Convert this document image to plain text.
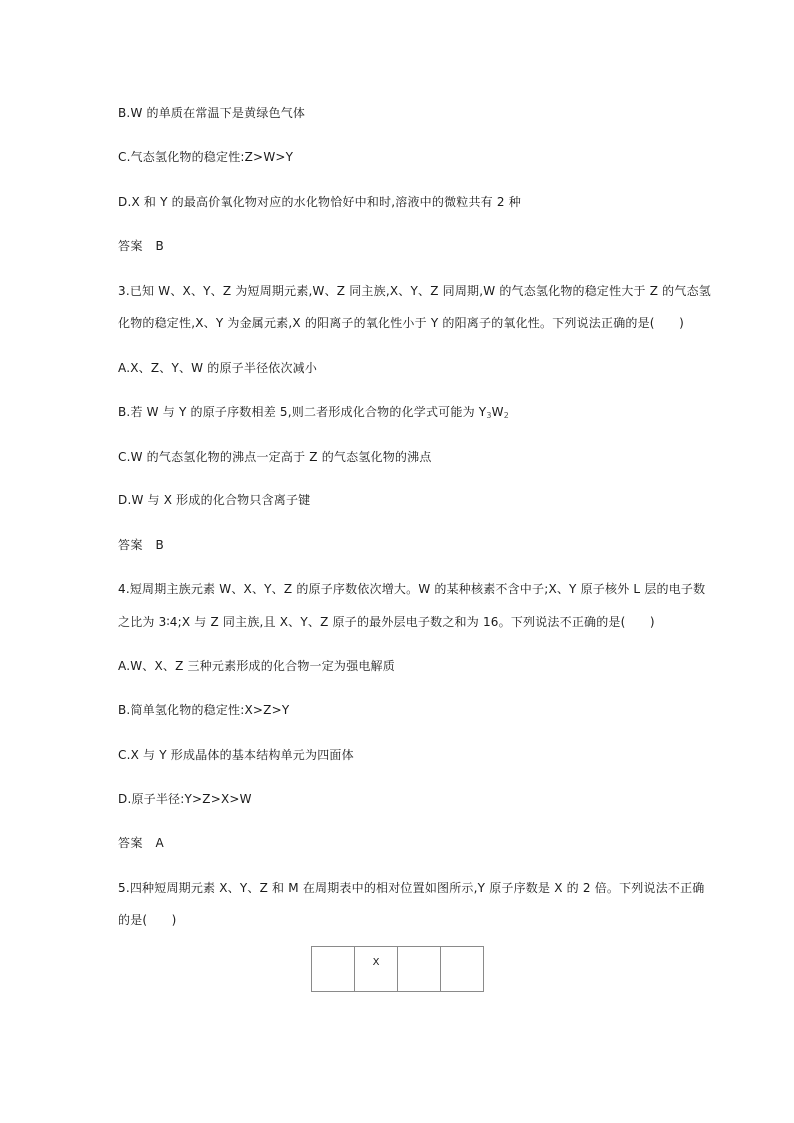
B.W 的单质在常温下是黄绿色气体
C.气态氢化物的稳定性:Z>W>Y
D.X 和 Y 的最高价氧化物对应的水化物恰好中和时,溶液中的微粒共有 2 种
答案　B
3.已知 W、X、Y、Z 为短周期元素,W、Z 同主族,X、Y、Z 同周期,W 的气态氢化物的稳定性大于 Z 的气态氢
化物的稳定性,X、Y 为金属元素,X 的阳离子的氧化性小于 Y 的阳离子的氧化性。下列说法正确的是(　　)
A.X、Z、Y、W 的原子半径依次减小
B.若 W 与 Y 的原子序数相差 5,则二者形成化合物的化学式可能为 $Y_3W_2$
C.W 的气态氢化物的沸点一定高于 Z 的气态氢化物的沸点
D.W 与 X 形成的化合物只含离子键
答案　B
4.短周期主族元素 W、X、Y、Z 的原子序数依次增大。W 的某种核素不含中子;X、Y 原子核外 L 层的电子数
之比为 3∶4;X 与 Z 同主族,且 X、Y、Z 原子的最外层电子数之和为 16。下列说法不正确的是(　　)
A.W、X、Z 三种元素形成的化合物一定为强电解质
B.简单氢化物的稳定性:X>Z>Y
C.X 与 Y 形成晶体的基本结构单元为四面体
D.原子半径:Y>Z>X>W
答案　A
5.四种短周期元素 X、Y、Z 和 M 在周期表中的相对位置如图所示,Y 原子序数是 X 的 2 倍。下列说法不正确
的是(　　)
	X		
